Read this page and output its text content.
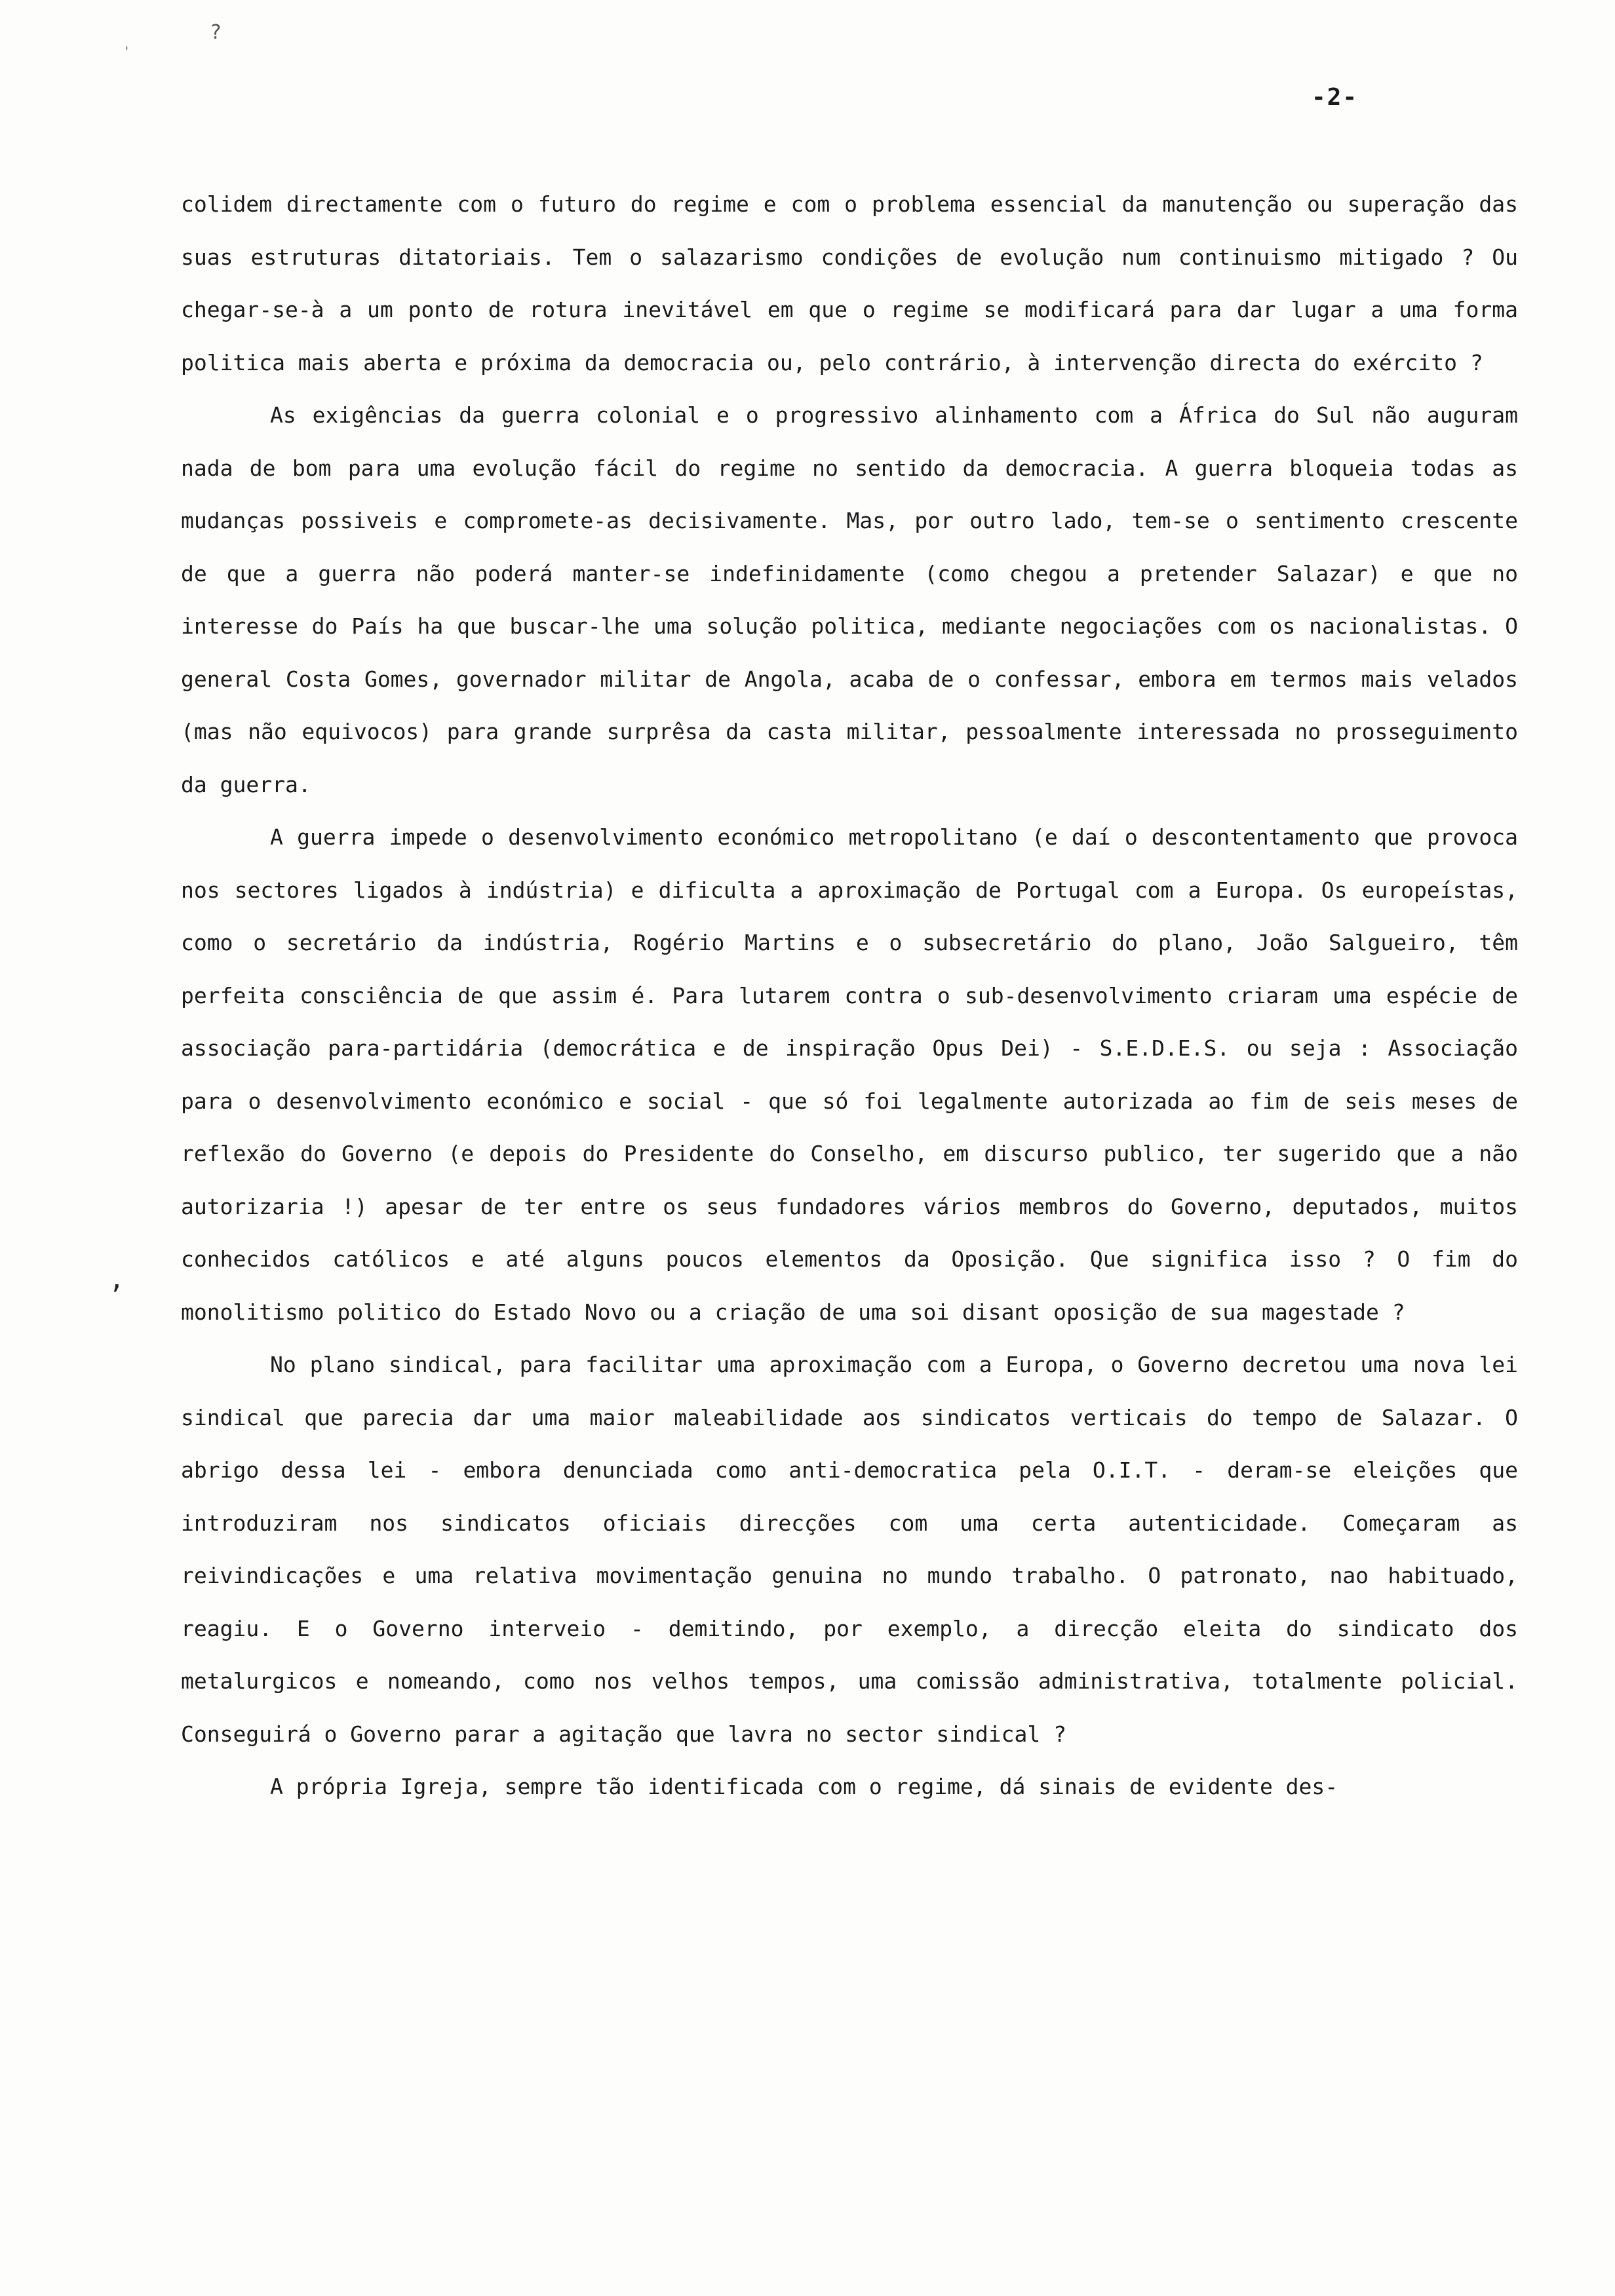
'
?
,
-2-

colidem directamente com o futuro do regime e com o problema essencial da manutenção ou superação das suas estruturas ditatoriais. Tem o salazarismo condições de evolução num continuismo mitigado ? Ou chegar-se-à a um ponto de rotura inevitável em que o regime se modificará para dar lugar a uma forma politica mais aberta e próxima da democracia ou, pelo contrário, à intervenção directa do exército ?

As exigências da guerra colonial e o progressivo alinhamento com a África do Sul não auguram nada de bom para uma evolução fácil do regime no sentido da democracia. A guerra bloqueia todas as mudanças possiveis e compromete-as decisivamente. Mas, por outro lado, tem-se o sentimento crescente de que a guerra não poderá manter-se indefinidamente (como chegou a pretender Salazar) e que no interesse do País ha que buscar-lhe uma solução politica, mediante negociações com os nacionalistas. O general Costa Gomes, governador militar de Angola, acaba de o confessar, embora em termos mais velados (mas não equivocos) para grande surprêsa da casta militar, pessoalmente interessada no prosseguimento da guerra.

A guerra impede o desenvolvimento económico metropolitano (e daí o descontentamento que provoca nos sectores ligados à indústria) e dificulta a aproximação de Portugal com a Europa. Os europeístas, como o secretário da indústria, Rogério Martins e o subsecretário do plano, João Salgueiro, têm perfeita consciência de que assim é. Para lutarem contra o sub-desenvolvimento criaram uma espécie de associação para-partidária (democrática e de inspiração Opus Dei) - S.E.D.E.S. ou seja : Associação para o desenvolvimento económico e social - que só foi legalmente autorizada ao fim de seis meses de reflexão do Governo (e depois do Presidente do Conselho, em discurso publico, ter sugerido que a não autorizaria !) apesar de ter entre os seus fundadores vários membros do Governo, deputados, muitos conhecidos católicos e até alguns poucos elementos da Oposição. Que significa isso ? O fim do monolitismo politico do Estado Novo ou a criação de uma soi disant oposição de sua magestade ?

No plano sindical, para facilitar uma aproximação com a Europa, o Governo decretou uma nova lei sindical que parecia dar uma maior maleabilidade aos sindicatos verticais do tempo de Salazar. O abrigo dessa lei - embora denunciada como anti-democratica pela O.I.T. - deram-se eleições que introduziram nos sindicatos oficiais direcções com uma certa autenticidade. Começaram as reivindicações e uma relativa movimentação genuina no mundo trabalho. O patronato, nao habituado, reagiu. E o Governo interveio - demitindo, por exemplo, a direcção eleita do sindicato dos metalurgicos e nomeando, como nos velhos tempos, uma comissão administrativa, totalmente policial. Conseguirá o Governo parar a agitação que lavra no sector sindical ?

A própria Igreja, sempre tão identificada com o regime, dá sinais de evidente des-
